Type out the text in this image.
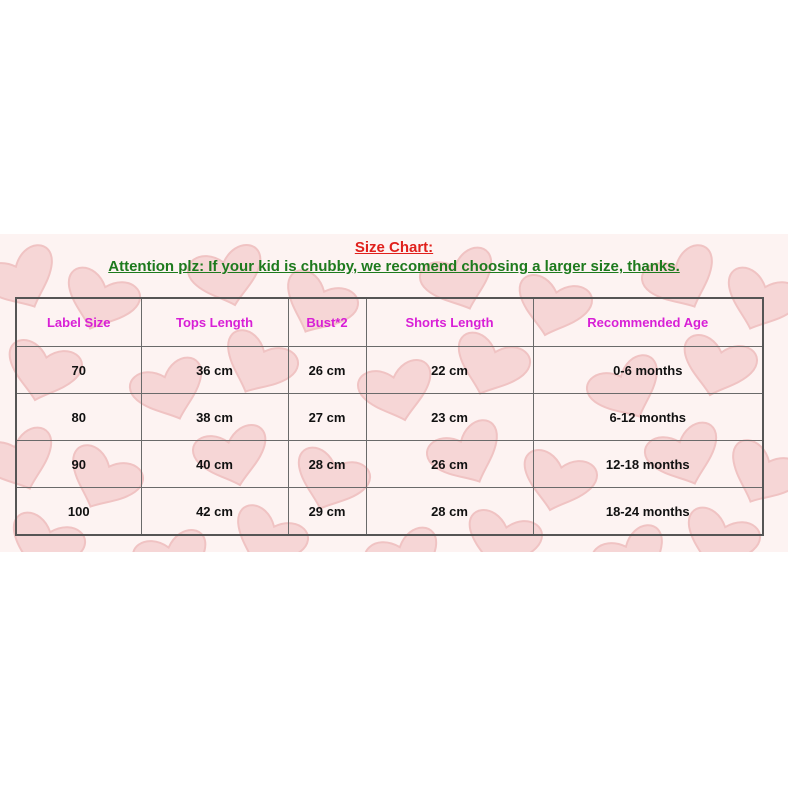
Size Chart:
Attention plz: If your kid is chubby, we recomend choosing a larger size, thanks.
Label Size	Tops Length	Bust*2	Shorts Length	Recommended Age
70	36 cm	26 cm	22 cm	0-6 months
80	38 cm	27 cm	23 cm	6-12 months
90	40 cm	28 cm	26 cm	12-18 months
100	42 cm	29 cm	28 cm	18-24 months
